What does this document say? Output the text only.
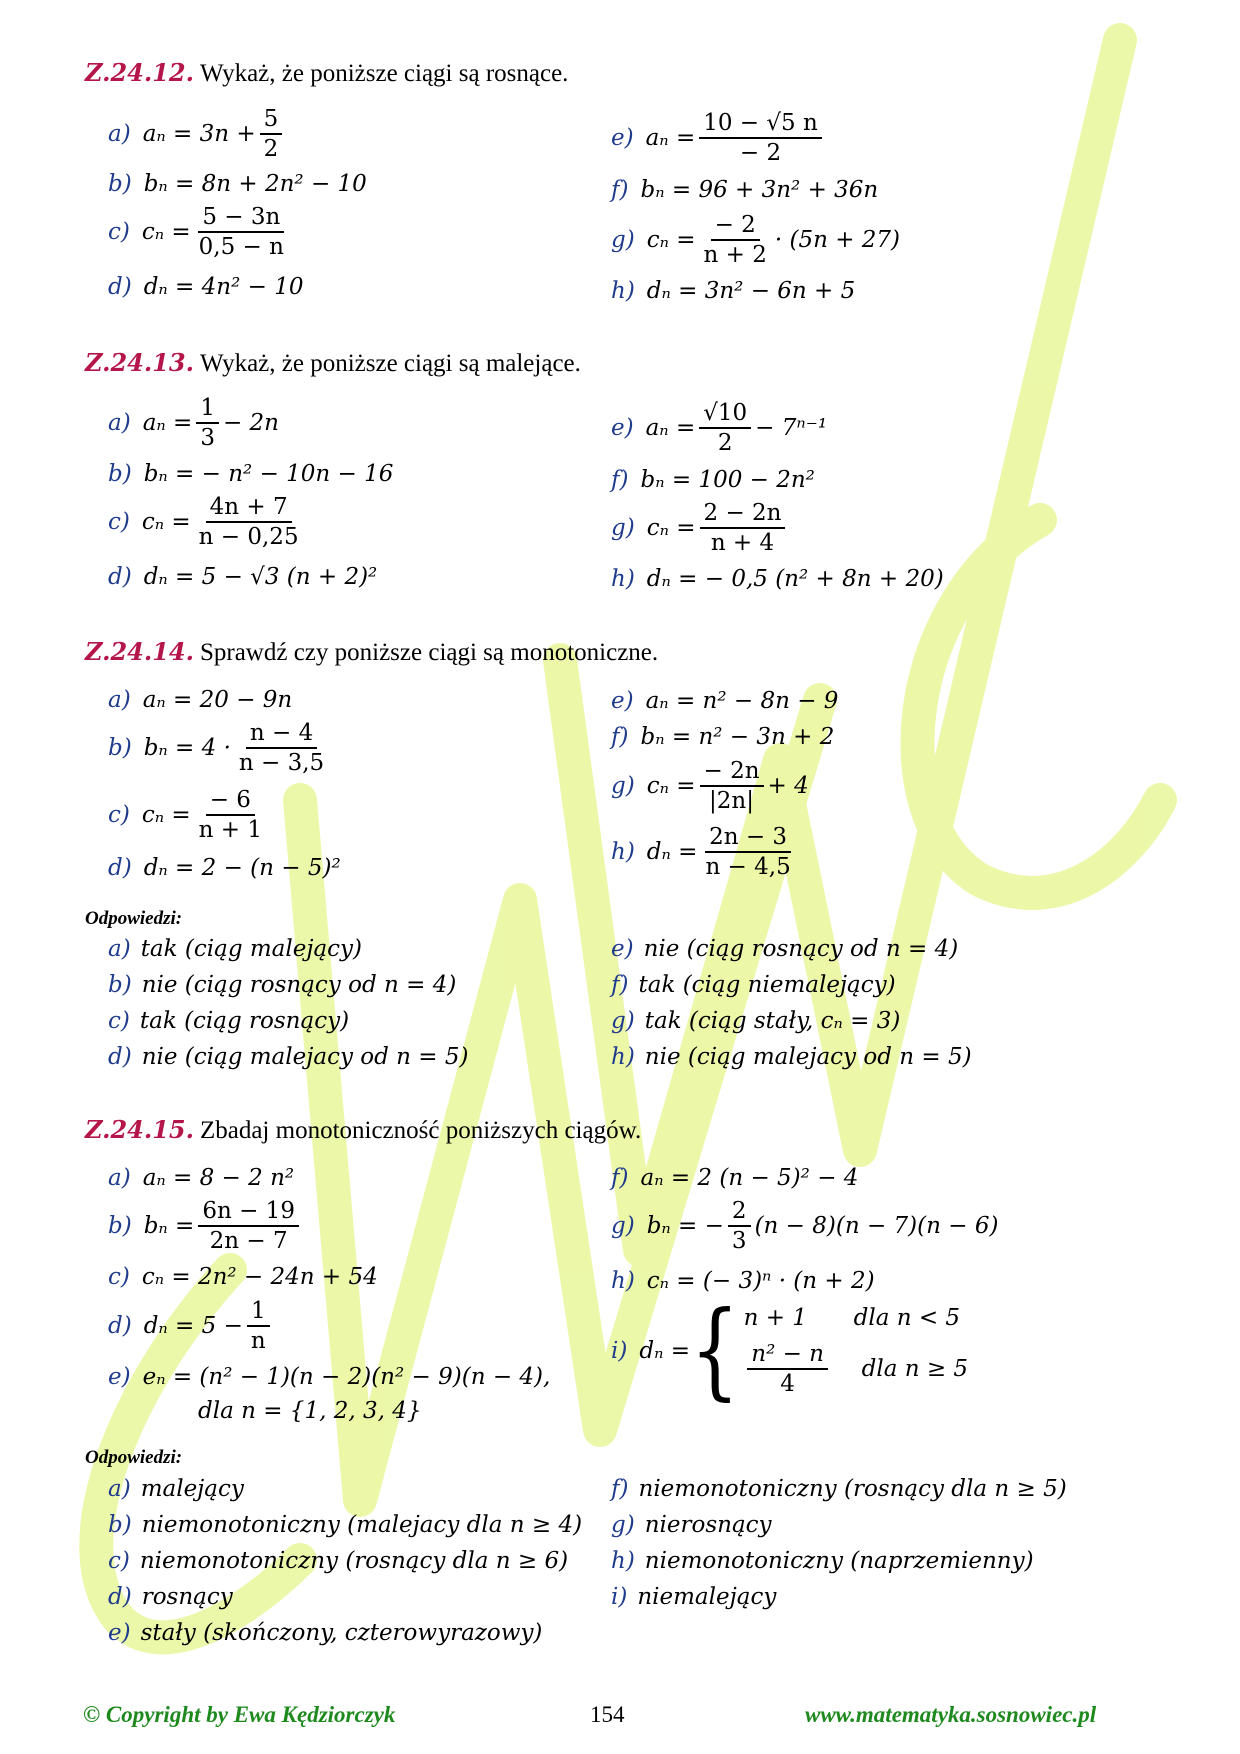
Z.24.12. Wykaż, że poniższe ciągi są rosnące.
a) $a_n = 3n + \frac{5}{2}$
b) bₙ = 8n + 2n² − 10
c) $c_n = \frac{5 - 3n}{0,5 - n}$
d) dₙ = 4n² − 10
e) $a_n = \frac{10 - √5 n}{- 2}$
f) bₙ = 96 + 3n² + 36n
g) $c_n = \frac{- 2}{n + 2} \cdot (5n + 27)$
h) dₙ = 3n² − 6n + 5
Z.24.13. Wykaż, że poniższe ciągi są malejące.
a) $a_n = \frac{1}{3} - 2n$
b) bₙ = − n² − 10n − 16
c) $c_n = \frac{4n + 7}{n - 0,25}$
d) dₙ = 5 − √3 (n + 2)²
e) $a_n = \frac{√10}{2} - 7^{n-1}$
f) bₙ = 100 − 2n²
g) $c_n = \frac{2 - 2n}{n + 4}$
h) dₙ = − 0,5 (n² + 8n + 20)
Z.24.14. Sprawdź czy poniższe ciągi są monotoniczne.
a) aₙ = 20 − 9n
b) $b_n = 4 \cdot \frac{n - 4}{n - 3,5}$
c) $c_n = \frac{- 6}{n + 1}$
d) dₙ = 2 − (n − 5)²
e) aₙ = n² − 8n − 9
f) bₙ = n² − 3n + 2
g) $c_n = \frac{- 2n}{|2n|} + 4$
h) $d_n = \frac{2n - 3}{n - 4,5}$
Odpowiedzi:
a) tak (ciąg malejący)
b) nie (ciąg rosnący od n = 4)
c) tak (ciąg rosnący)
d) nie (ciąg malejacy od n = 5)
e) nie (ciąg rosnący od n = 4)
f) tak (ciąg niemalejący)
g) tak (ciąg stały, cₙ = 3)
h) nie (ciąg malejacy od n = 5)
Z.24.15. Zbadaj monotoniczność poniższych ciągów.
a) aₙ = 8 − 2 n²
b) $b_n = \frac{6n - 19}{2n - 7}$
c) cₙ = 2n² − 24n + 54
d) $d_n = 5 - \frac{1}{n}$
e) eₙ = (n² − 1)(n − 2)(n² − 9)(n − 4),
dla n = {1, 2, 3, 4}
f) aₙ = 2 (n − 5)² − 4
g) bₙ = − $\frac{2}{3} (n - 8)(n - 7)(n - 6)$
h) cₙ = (− 3)ⁿ · (n + 2)
i) dₙ = { n + 1	dla n < 5
$\frac{\text{n² − n}}{4}$ dla n ≥ 5
Odpowiedzi:
a) malejący
b) niemonotoniczny (malejacy dla n ≥ 4)
c) niemonotoniczny (rosnący dla n ≥ 6)
d) rosnący
e) stały (skończony, czterowyrazowy)
f) niemonotoniczny (rosnący dla n ≥ 5)
g) nierosnący
h) niemonotoniczny (naprzemienny)
i) niemalejący
© Copyright by Ewa Kędziorczyk	154	www.matematyka.sosnowiec.pl
